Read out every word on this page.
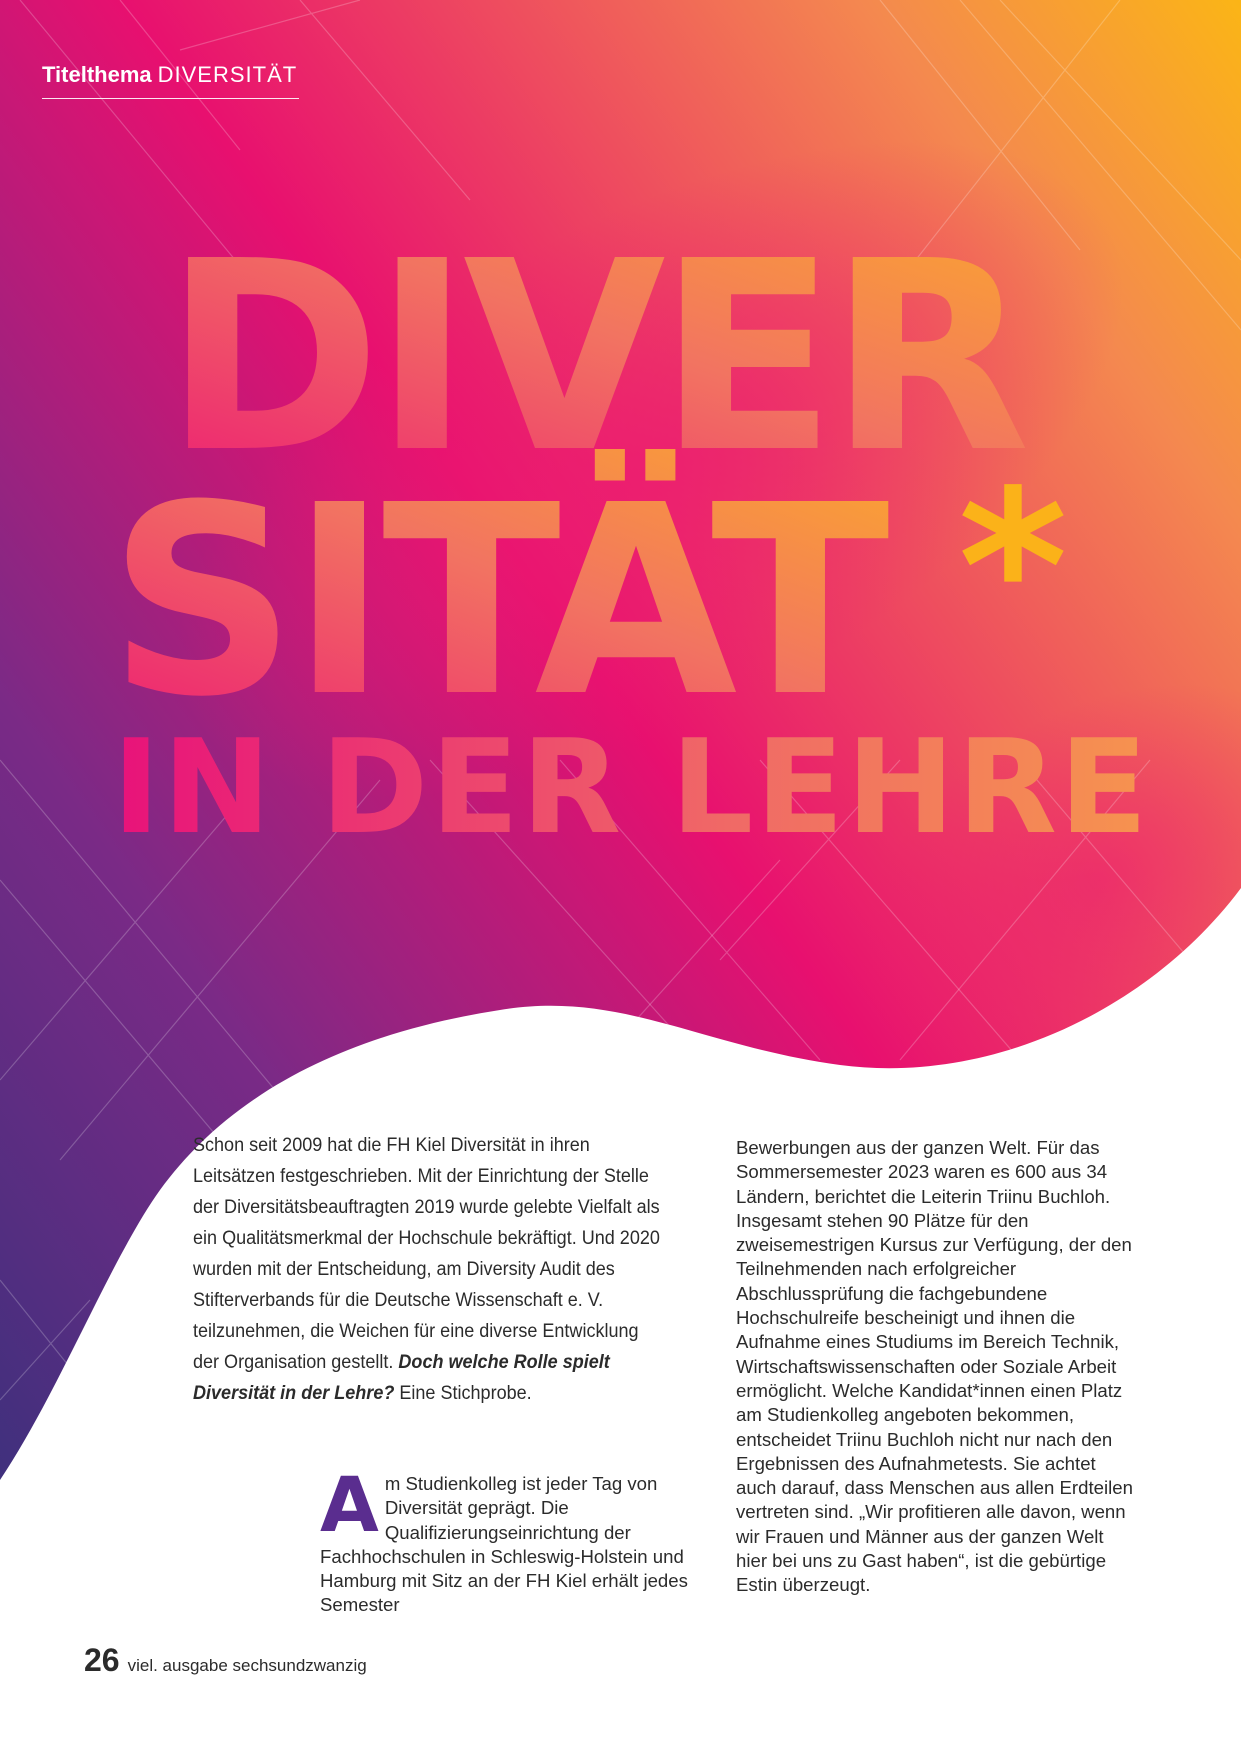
DIVER
SITÄT *
IN DER LEHRE
Titelthema DIVERSITÄT

Schon seit 2009 hat die FH Kiel Diversität in ihren Leitsätzen festgeschrieben. Mit der Einrichtung der Stelle der Diversitätsbeauftragten 2019 wurde gelebte Vielfalt als ein Qualitätsmerkmal der Hochschule bekräftigt. Und 2020 wurden mit der Entscheidung, am Diversity Audit des Stifterverbands für die Deutsche Wissenschaft e. V. teilzunehmen, die Weichen für eine diverse Entwicklung der Organisation gestellt. Doch welche Rolle spielt Diversität in der Lehre? Eine Stichprobe.

A m Studienkolleg ist jeder Tag von Diversität geprägt. Die Qualifizierungseinrichtung der Fachhochschulen in Schleswig-Holstein und Hamburg mit Sitz an der FH Kiel erhält jedes Semester

Bewerbungen aus der ganzen Welt. Für das Sommersemester 2023 waren es 600 aus 34 Ländern, berichtet die Leiterin Triinu Buchloh. Insgesamt stehen 90 Plätze für den zweisemestrigen Kursus zur Verfügung, der den Teilnehmenden nach erfolgreicher Abschlussprüfung die fachgebundene Hochschulreife bescheinigt und ihnen die Aufnahme eines Studiums im Bereich Technik, Wirtschaftswissenschaften oder Soziale Arbeit ermöglicht. Welche Kandidat*innen einen Platz am Studienkolleg angeboten bekommen, entscheidet Triinu Buchloh nicht nur nach den Ergebnissen des Aufnahmetests. Sie achtet auch darauf, dass Menschen aus allen Erdteilen vertreten sind. „Wir profitieren alle davon, wenn wir Frauen und Männer aus der ganzen Welt hier bei uns zu Gast haben“, ist die gebürtige Estin überzeugt.

26 viel. ausgabe sechsundzwanzig
